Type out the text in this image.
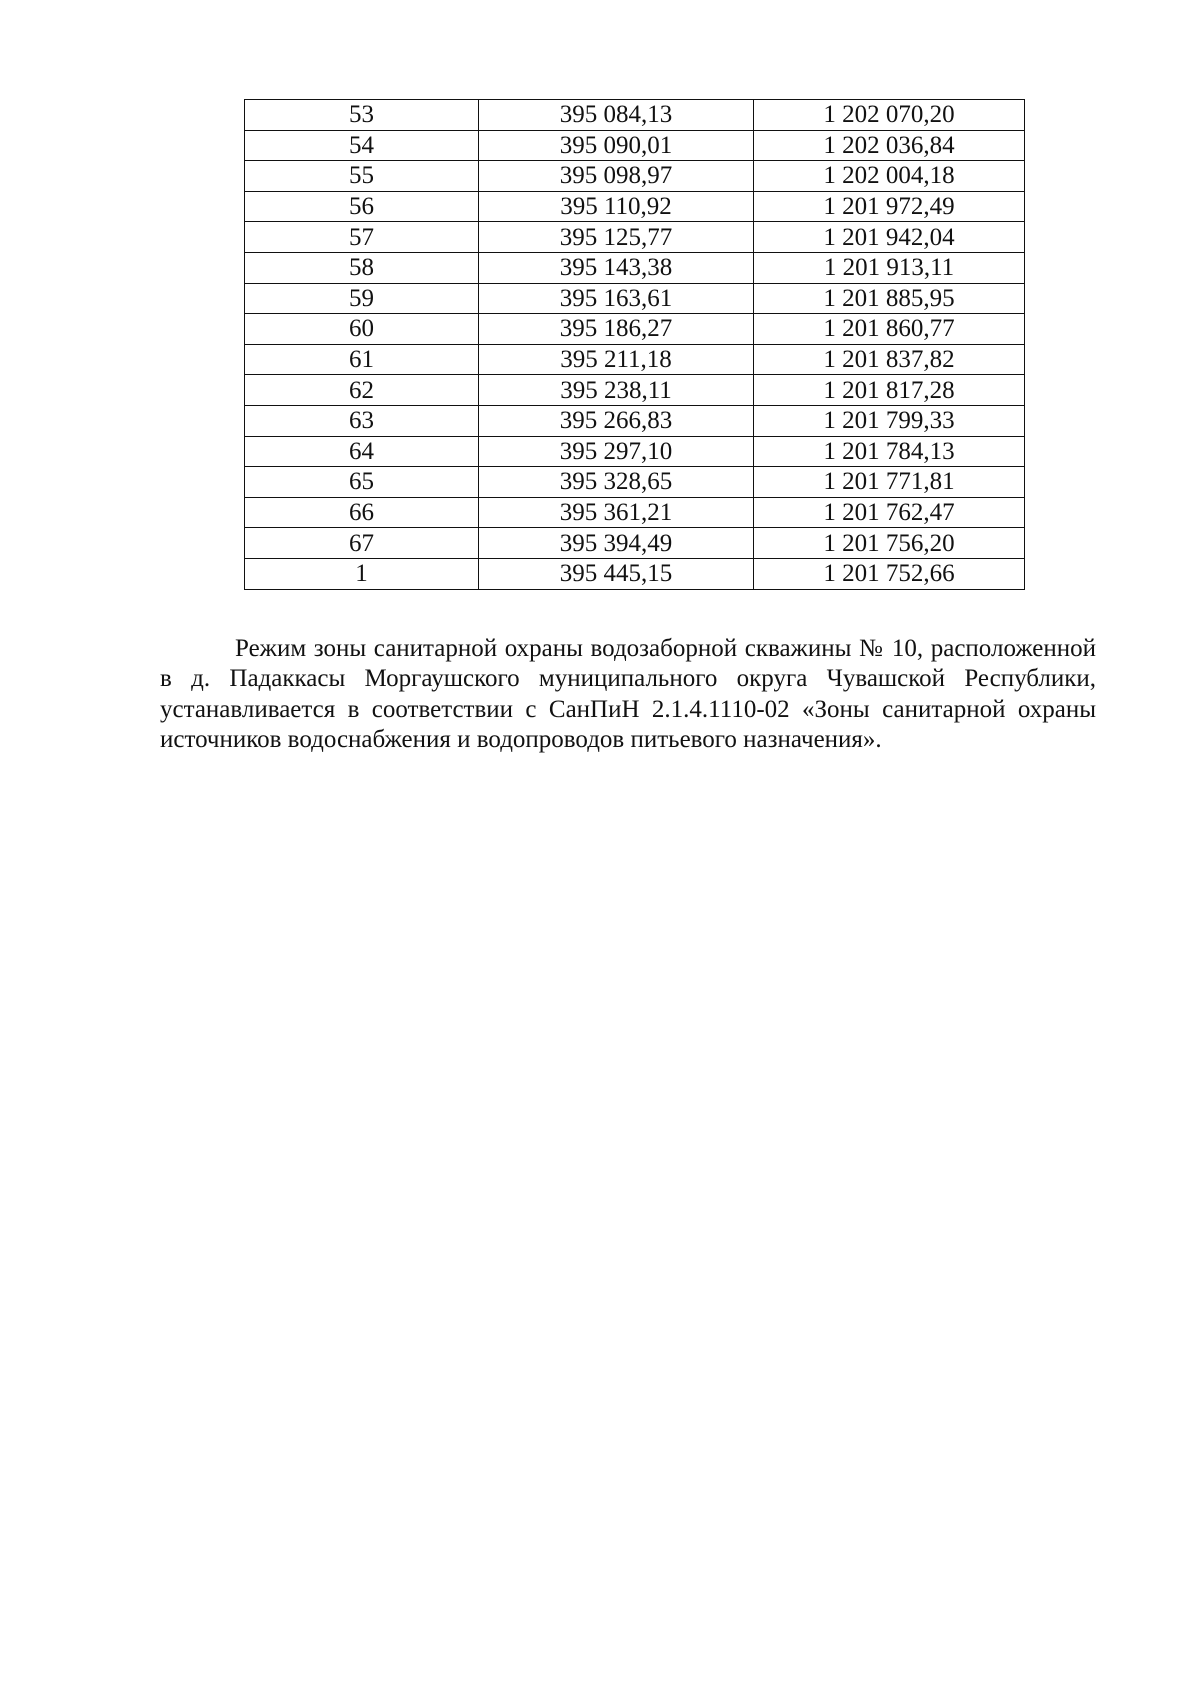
53	395 084,13	1 202 070,20
54	395 090,01	1 202 036,84
55	395 098,97	1 202 004,18
56	395 110,92	1 201 972,49
57	395 125,77	1 201 942,04
58	395 143,38	1 201 913,11
59	395 163,61	1 201 885,95
60	395 186,27	1 201 860,77
61	395 211,18	1 201 837,82
62	395 238,11	1 201 817,28
63	395 266,83	1 201 799,33
64	395 297,10	1 201 784,13
65	395 328,65	1 201 771,81
66	395 361,21	1 201 762,47
67	395 394,49	1 201 756,20
1	395 445,15	1 201 752,66

Режим зоны санитарной охраны водозаборной скважины № 10, расположенной в д. Падаккасы Моргаушского муниципального округа Чувашской Республики, устанавливается в соответствии с СанПиН 2.1.4.1110-02 «Зоны санитарной охраны источников водоснабжения и водопроводов питьевого назначения».
